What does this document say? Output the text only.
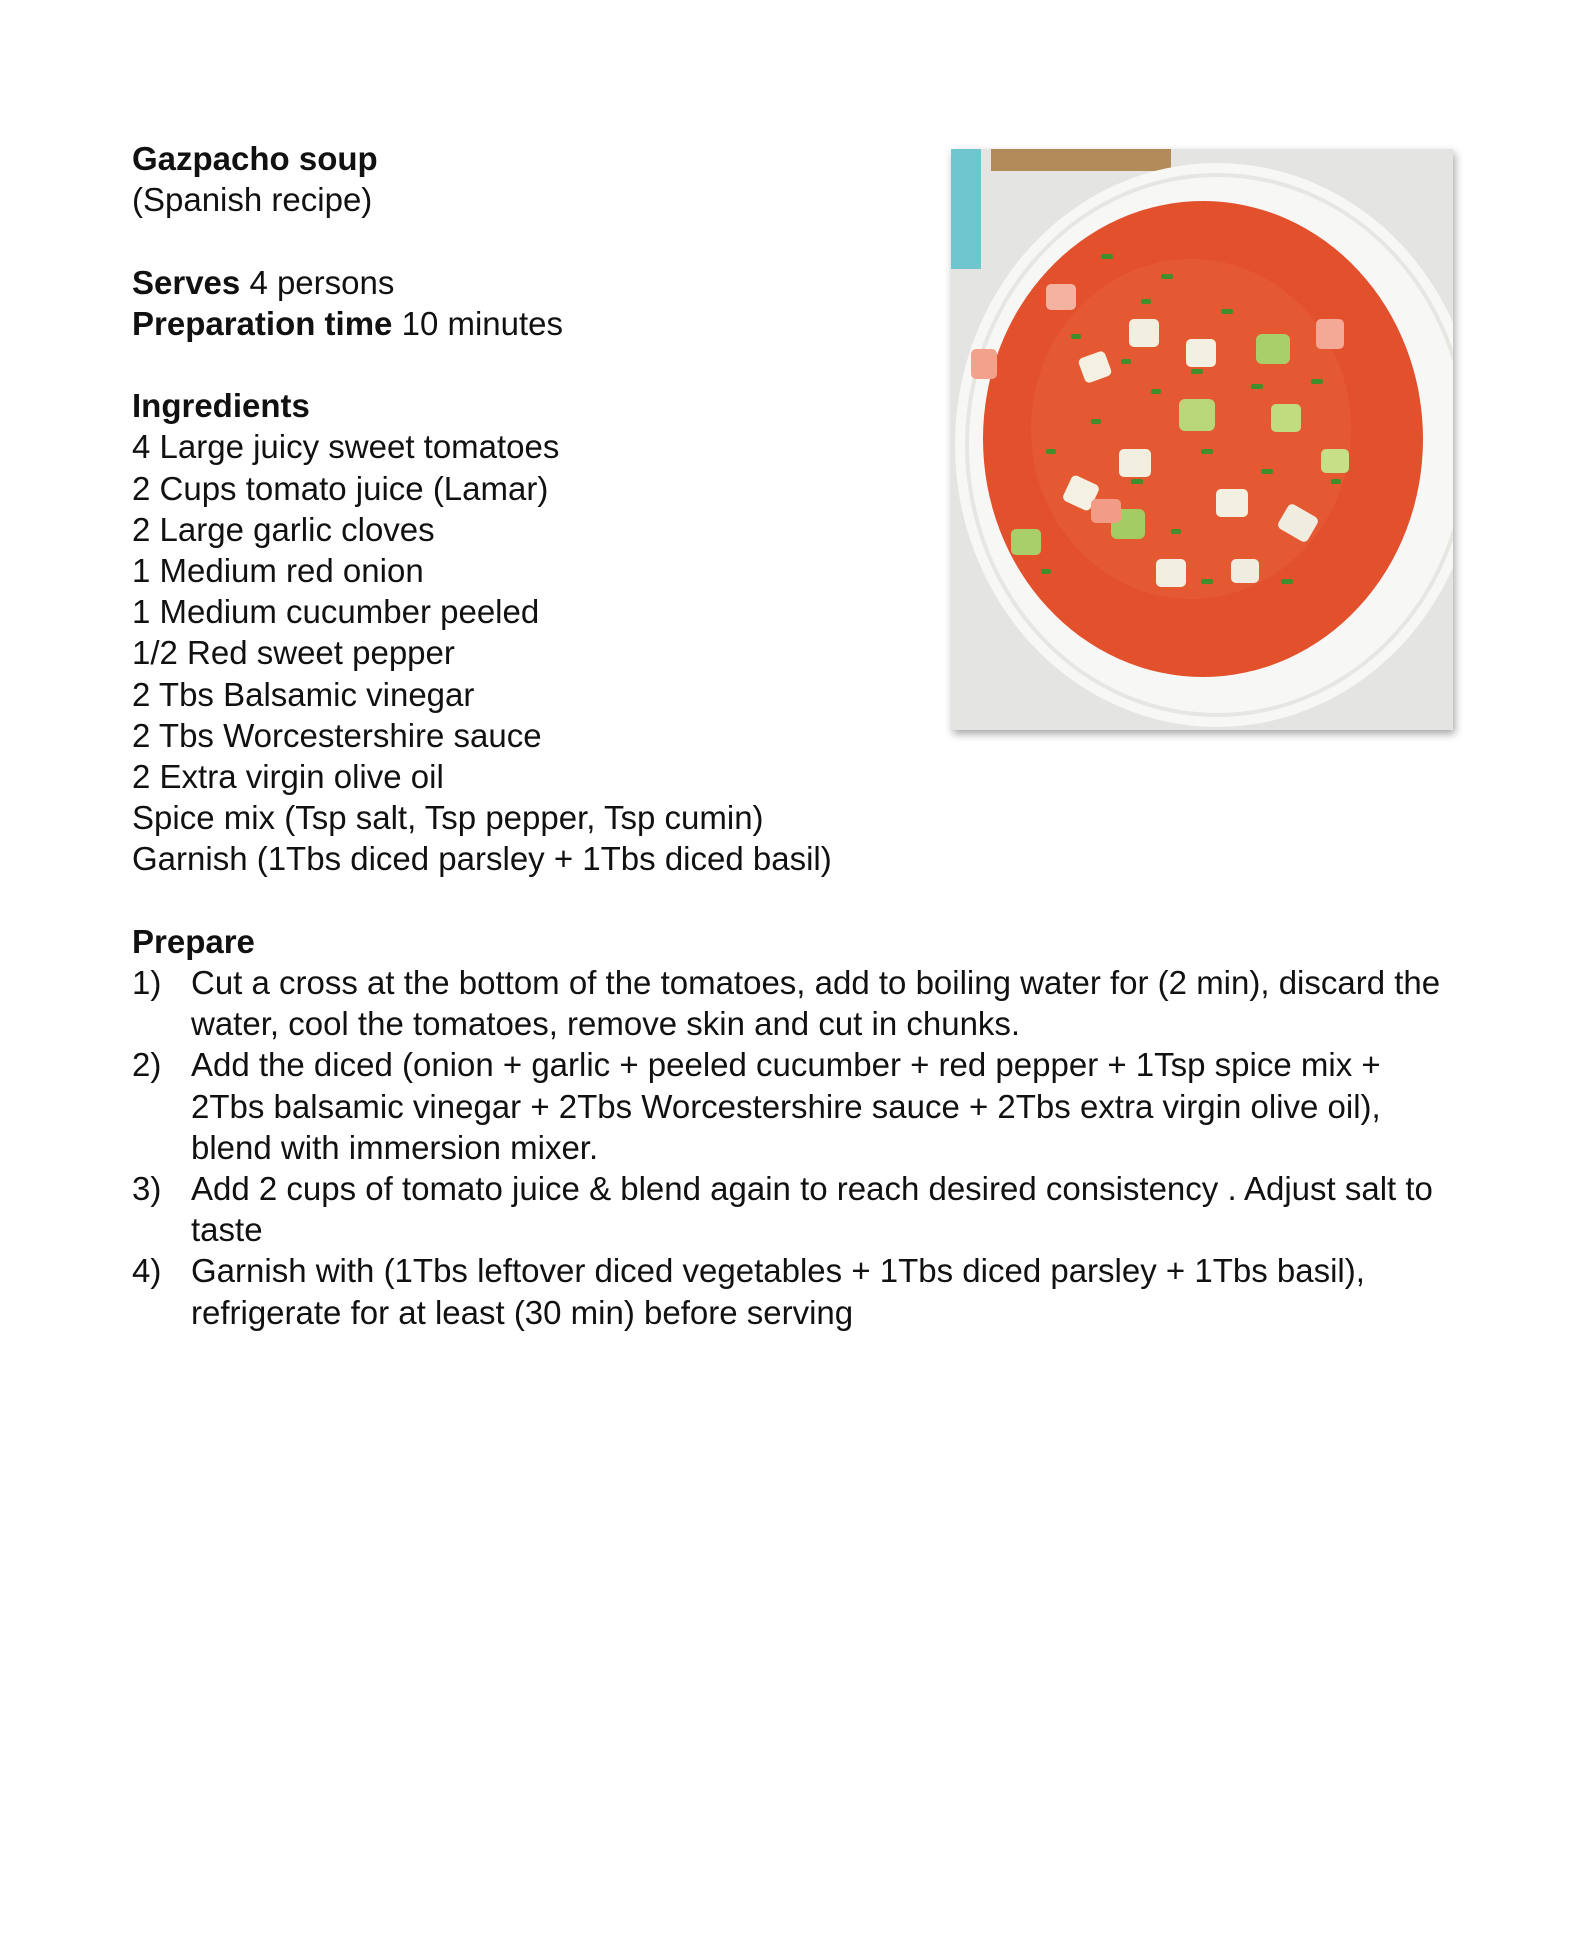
Gazpacho soup
(Spanish recipe)
Serves 4 persons
Preparation time 10 minutes
Ingredients
4 Large juicy sweet tomatoes
2 Cups tomato juice (Lamar)
2 Large garlic cloves
1 Medium red onion
1 Medium cucumber peeled
1/2 Red sweet pepper
2 Tbs Balsamic vinegar
2 Tbs Worcestershire sauce
2 Extra virgin olive oil
Spice mix (Tsp salt, Tsp pepper, Tsp cumin)
Garnish (1Tbs diced parsley + 1Tbs diced basil)
Prepare
1) Cut a cross at the bottom of the tomatoes, add to boiling water for (2 min), discard the water, cool the tomatoes, remove skin and cut in chunks.
2) Add the diced (onion + garlic + peeled cucumber + red pepper + 1Tsp spice mix + 2Tbs balsamic vinegar + 2Tbs Worcestershire sauce + 2Tbs extra virgin olive oil), blend with immersion mixer.
3) Add 2 cups of tomato juice & blend again to reach desired consistency . Adjust salt to taste
4) Garnish with (1Tbs leftover diced vegetables + 1Tbs diced parsley + 1Tbs basil), refrigerate for at least (30 min) before serving
